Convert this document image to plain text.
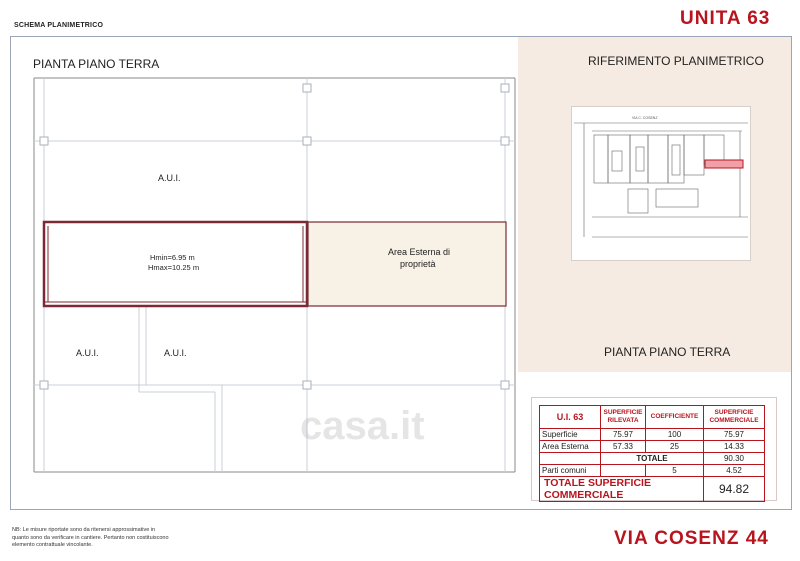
SCHEMA PLANIMETRICO	UNITA 63
PIANTA PIANO TERRA
A.U.I.
A.U.I.	A.U.I.
Hmin=6.95 m
Hmax=10.25 m
Area Esterna di
proprietà
casa.it
RIFERIMENTO PLANIMETRICO
VIA C. COSENZ
PIANTA PIANO TERRA
U.I. 63	SUPERFICIE RILEVATA	COEFFICIENTE	SUPERFICIE COMMERCIALE
Superficie	75.97	100	75.97
Area Esterna	57.33	25	14.33
	TOTALE		90.30
Parti comuni		5	4.52
TOTALE SUPERFICIE COMMERCIALE			94.82
NB: Le misure riportate sono da ritenersi approssimative in quanto sono da verificare in cantiere. Pertanto non costituiscono elemento contrattuale vincolante.	VIA COSENZ 44
